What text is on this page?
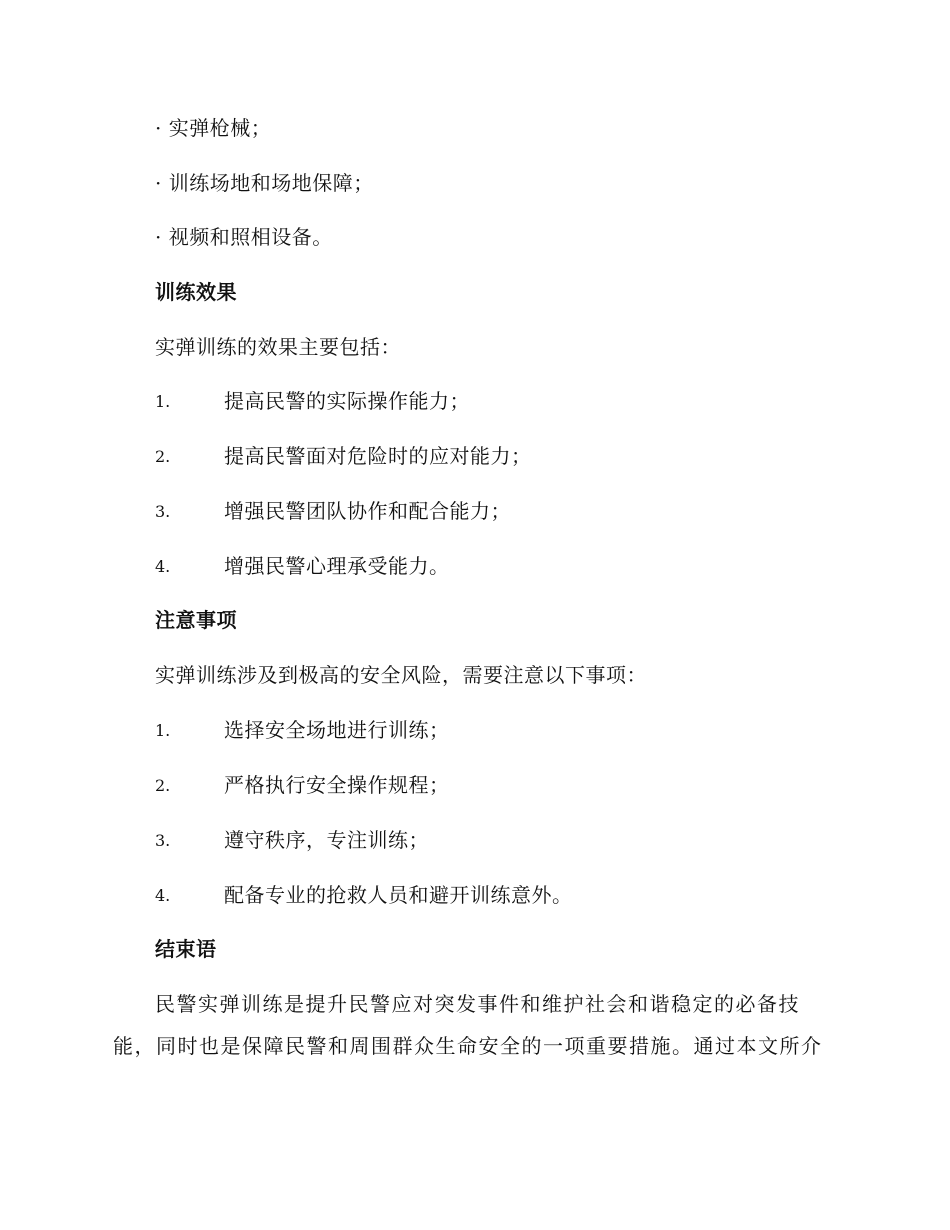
· 实弹枪械；
· 训练场地和场地保障；
· 视频和照相设备。
训练效果
实弹训练的效果主要包括：
1.	提高民警的实际操作能力；
2.	提高民警面对危险时的应对能力；
3.	增强民警团队协作和配合能力；
4.	增强民警心理承受能力。
注意事项
实弹训练涉及到极高的安全风险，需要注意以下事项：
1.	选择安全场地进行训练；
2.	严格执行安全操作规程；
3.	遵守秩序，专注训练；
4.	配备专业的抢救人员和避开训练意外。
结束语
民警实弹训练是提升民警应对突发事件和维护社会和谐稳定的必备技能，同时也是保障民警和周围群众生命安全的一项重要措施。通过本文所介
